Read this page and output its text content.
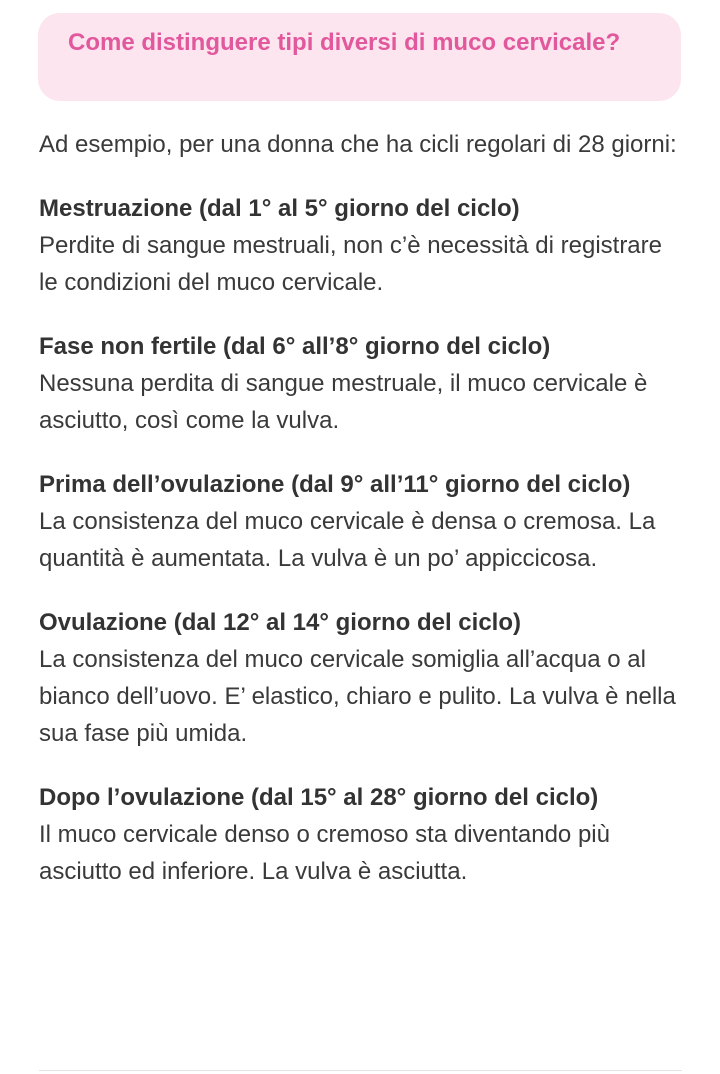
Come distinguere tipi diversi di muco cervicale?

Ad esempio, per una donna che ha cicli regolari di 28 giorni:

Mestruazione (dal 1° al 5° giorno del ciclo)

Perdite di sangue mestruali, non c’è necessità di registrare le condizioni del muco cervicale.

Fase non fertile (dal 6° all’8° giorno del ciclo)

Nessuna perdita di sangue mestruale, il muco cervicale è asciutto, così come la vulva.

Prima dell’ovulazione (dal 9° all’11° giorno del ciclo)

La consistenza del muco cervicale è densa o cremosa. La quantità è aumentata. La vulva è un po’ appiccicosa.

Ovulazione (dal 12° al 14° giorno del ciclo)

La consistenza del muco cervicale somiglia all’acqua o al bianco dell’uovo. E’ elastico, chiaro e pulito. La vulva è nella sua fase più umida.

Dopo l’ovulazione (dal 15° al 28° giorno del ciclo)

Il muco cervicale denso o cremoso sta diventando più asciutto ed inferiore. La vulva è asciutta.
